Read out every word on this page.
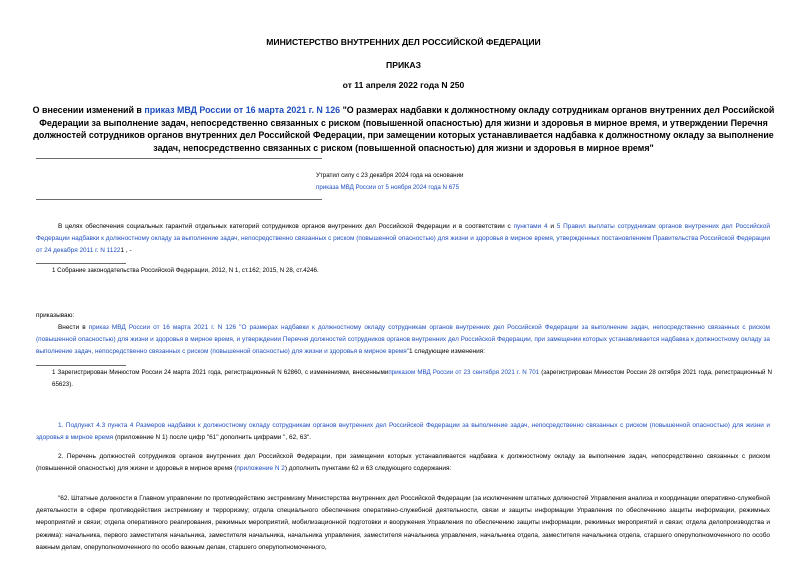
МИНИСТЕРСТВО ВНУТРЕННИХ ДЕЛ РОССИЙСКОЙ ФЕДЕРАЦИИ
ПРИКАЗ
от 11 апреля 2022 года N 250
О внесении изменений в приказ МВД России от 16 марта 2021 г. N 126 "О размерах надбавки к должностному окладу сотрудникам органов внутренних дел Российской Федерации за выполнение задач, непосредственно связанных с риском (повышенной опасностью) для жизни и здоровья в мирное время, и утверждении Перечня должностей сотрудников органов внутренних дел Российской Федерации, при замещении которых устанавливается надбавка к должностному окладу за выполнение задач, непосредственно связанных с риском (повышенной опасностью) для жизни и здоровья в мирное время"
Утратил силу с 23 декабря 2024 года на основании
приказа МВД России от 5 ноября 2024 года N 675
В целях обеспечения социальных гарантий отдельных категорий сотрудников органов внутренних дел Российской Федерации и в соответствии с пунктами 4 и 5 Правил выплаты сотрудникам органов внутренних дел Российской Федерации надбавки к должностному окладу за выполнение задач, непосредственно связанных с риском (повышенной опасностью) для жизни и здоровья в мирное время, утвержденных постановлением Правительства Российской Федерации от 24 декабря 2011 г. N 11221 , -
1 Собрание законодательства Российской Федерации, 2012, N 1, ст.162; 2015, N 28, ст.4246.
приказываю:
Внести в приказ МВД России от 16 марта 2021 г. N 126 "О размерах надбавки к должностному окладу сотрудникам органов внутренних дел Российской Федерации за выполнение задач, непосредственно связанных с риском (повышенной опасностью) для жизни и здоровья в мирное время, и утверждении Перечня должностей сотрудников органов внутренних дел Российской Федерации, при замещении которых устанавливается надбавка к должностному окладу за выполнение задач, непосредственно связанных с риском (повышенной опасностью) для жизни и здоровья в мирное время"1 следующие изменения:
1 Зарегистрирован Минюстом России 24 марта 2021 года, регистрационный N 62860, с изменениями, внесеннымиприказом МВД России от 23 сентября 2021 г. N 701 (зарегистрирован Минюстом России 28 октября 2021 года, регистрационный N 65623).
1. Подпункт 4.3 пункта 4 Размеров надбавки к должностному окладу сотрудникам органов внутренних дел Российской Федерации за выполнение задач, непосредственно связанных с риском (повышенной опасностью) для жизни и здоровья в мирное время (приложение N 1) после цифр "61" дополнить цифрами ", 62, 63".
2. Перечень должностей сотрудников органов внутренних дел Российской Федерации, при замещении которых устанавливается надбавка к должностному окладу за выполнение задач, непосредственно связанных с риском (повышенной опасностью) для жизни и здоровья в мирное время (приложение N 2) дополнить пунктами 62 и 63 следующего содержания:
"62. Штатные должности в Главном управлении по противодействию экстремизму Министерства внутренних дел Российской Федерации (за исключением штатных должностей Управления анализа и координации оперативно-служебной деятельности в сфере противодействия экстремизму и терроризму; отдела специального обеспечения оперативно-служебной деятельности, связи и защиты информации Управления по обеспечению защиты информации, режимных мероприятий и связи; отдела оперативного реагирования, режимных мероприятий, мобилизационной подготовки и вооружения Управления по обеспечению защиты информации, режимных мероприятий и связи; отдела делопроизводства и режима): начальника, первого заместителя начальника, заместителя начальника, начальника управления, заместителя начальника управления, начальника отдела, заместителя начальника отдела, старшего оперуполномоченного по особо важным делам, оперуполномоченного по особо важным делам, старшего оперуполномоченного,
